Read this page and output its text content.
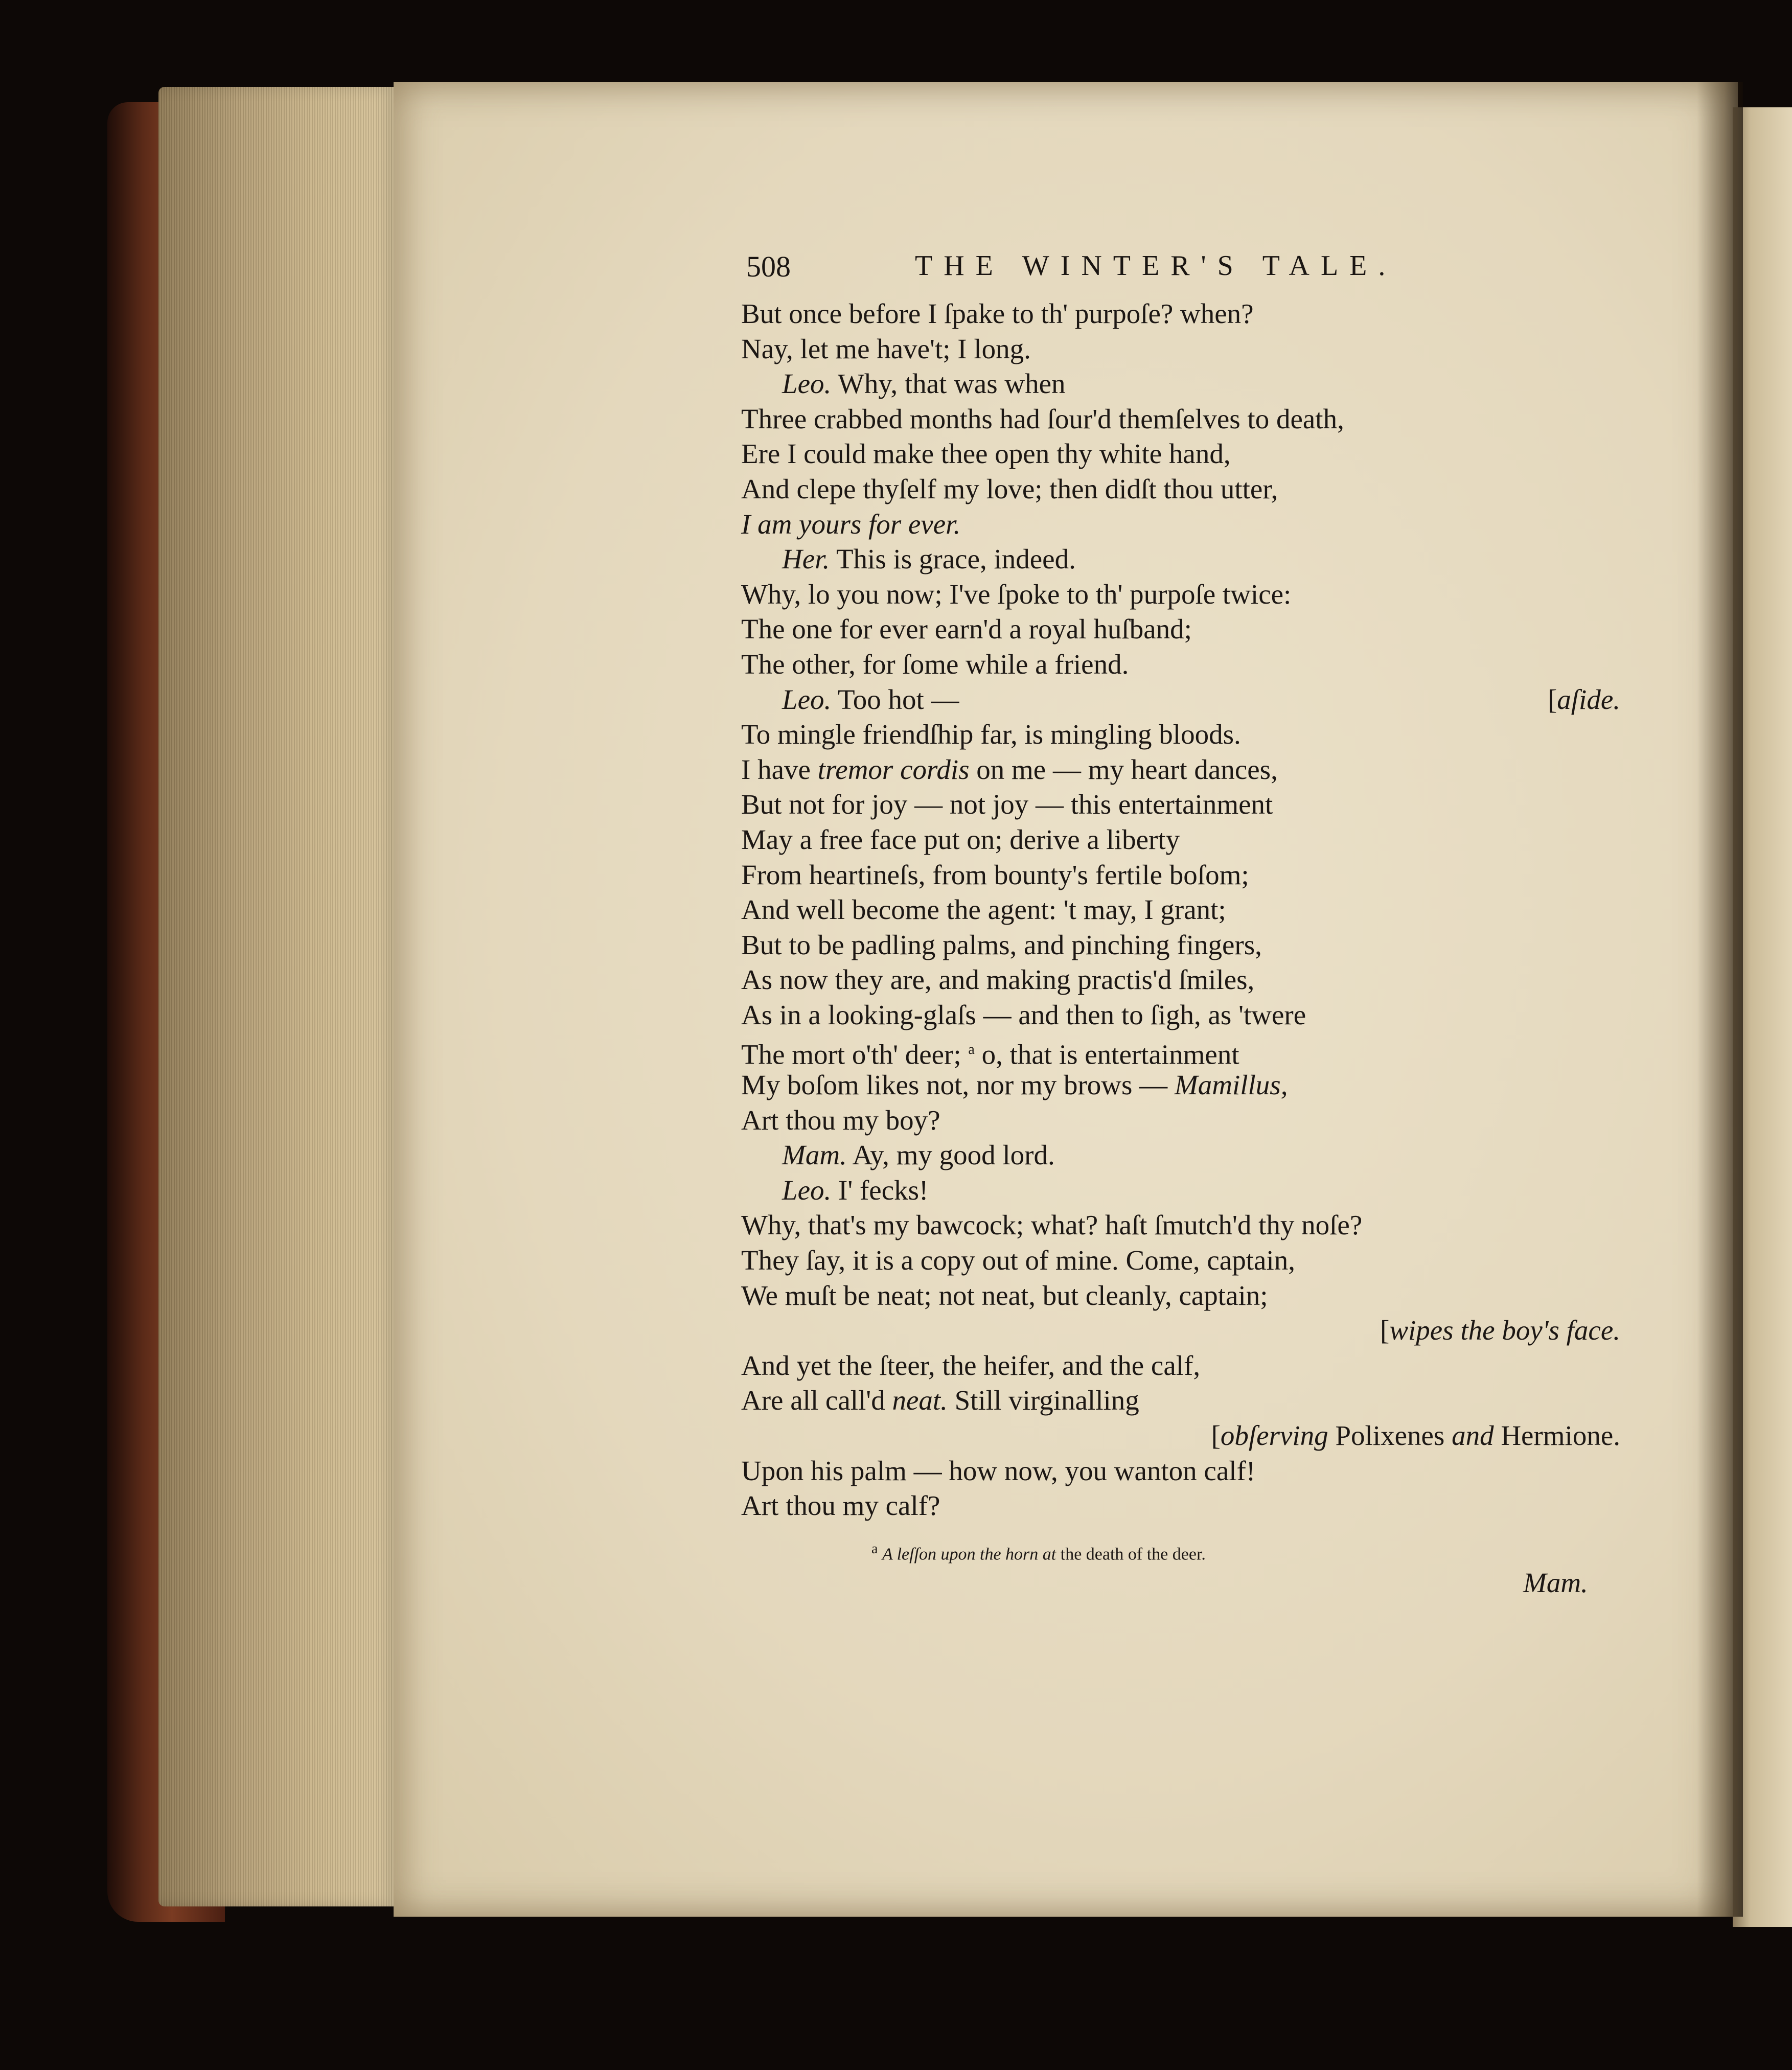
508	THE WINTER'S TALE.
But once before I ſpake to th' purpoſe? when?
Nay, let me have't; I long.
Leo. Why, that was when
Three crabbed months had ſour'd themſelves to death,
Ere I could make thee open thy white hand,
And clepe thyſelf my love; then didſt thou utter,
I am yours for ever.
Her. This is grace, indeed.
Why, lo you now; I've ſpoke to th' purpoſe twice:
The one for ever earn'd a royal huſband;
The other, for ſome while a friend.
Leo. Too hot —	[aſide.
To mingle friendſhip far, is mingling bloods.
I have tremor cordis on me — my heart dances,
But not for joy — not joy — this entertainment
May a free face put on; derive a liberty
From heartineſs, from bounty's fertile boſom;
And well become the agent: 't may, I grant;
But to be padling palms, and pinching fingers,
As now they are, and making practis'd ſmiles,
As in a looking-glaſs — and then to ſigh, as 'twere
The mort o'th' deer; $^a$ o, that is entertainment
My boſom likes not, nor my brows — Mamillus,
Art thou my boy?
Mam. Ay, my good lord.
Leo. I' fecks!
Why, that's my bawcock; what? haſt ſmutch'd thy noſe?
They ſay, it is a copy out of mine. Come, captain,
We muſt be neat; not neat, but cleanly, captain;
[wipes the boy's face.
And yet the ſteer, the heifer, and the calf,
Are all call'd neat. Still virginalling
[obſerving Polixenes and Hermione.
Upon his palm — how now, you wanton calf!
Art thou my calf?
$^a$ A leſſon upon the horn at the death of the deer.
Mam.
